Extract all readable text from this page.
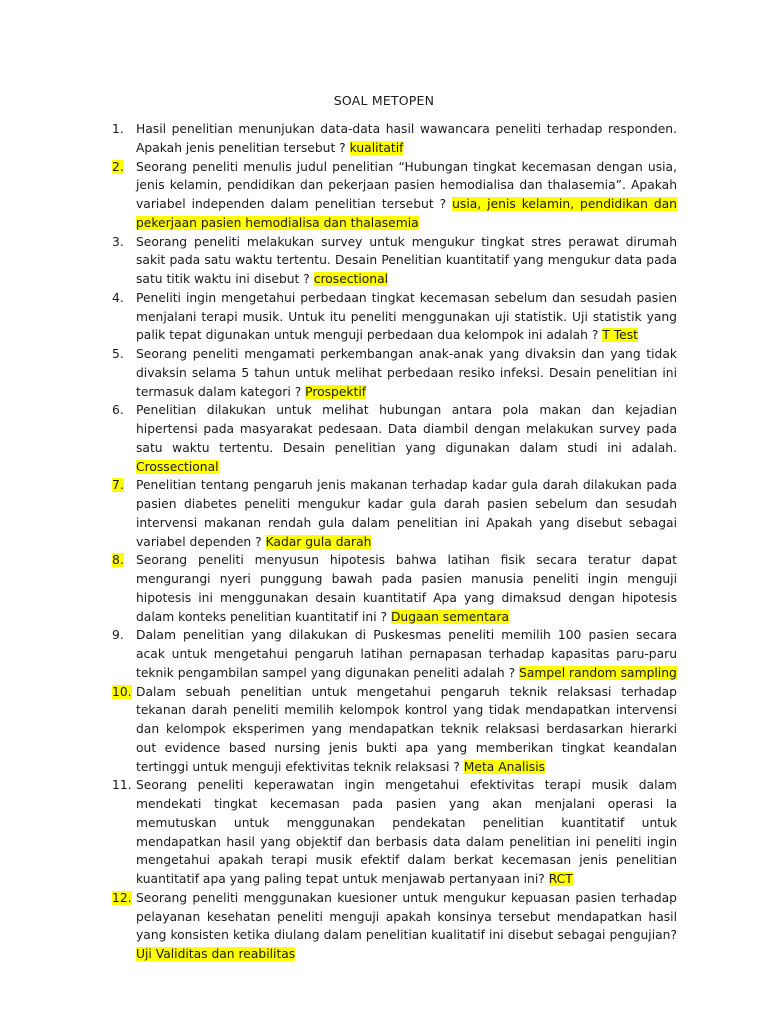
SOAL METOPEN
1. Hasil penelitian menunjukan data-data hasil wawancara peneliti terhadap responden. Apakah jenis penelitian tersebut ? kualitatif
2. Seorang peneliti menulis judul penelitian “Hubungan tingkat kecemasan dengan usia, jenis kelamin, pendidikan dan pekerjaan pasien hemodialisa dan thalasemia”. Apakah variabel independen dalam penelitian tersebut ? usia, jenis kelamin, pendidikan dan pekerjaan pasien hemodialisa dan thalasemia
3. Seorang peneliti melakukan survey untuk mengukur tingkat stres perawat dirumah sakit pada satu waktu tertentu. Desain Penelitian kuantitatif yang mengukur data pada satu titik waktu ini disebut ? crosectional
4. Peneliti ingin mengetahui perbedaan tingkat kecemasan sebelum dan sesudah pasien menjalani terapi musik. Untuk itu peneliti menggunakan uji statistik. Uji statistik yang palik tepat digunakan untuk menguji perbedaan dua kelompok ini adalah ? T Test
5. Seorang peneliti mengamati perkembangan anak-anak yang divaksin dan yang tidak divaksin selama 5 tahun untuk melihat perbedaan resiko infeksi. Desain penelitian ini termasuk dalam kategori ? Prospektif
6. Penelitian dilakukan untuk melihat hubungan antara pola makan dan kejadian hipertensi pada masyarakat pedesaan. Data diambil dengan melakukan survey pada satu waktu tertentu. Desain penelitian yang digunakan dalam studi ini adalah. Crossectional
7. Penelitian tentang pengaruh jenis makanan terhadap kadar gula darah dilakukan pada pasien diabetes peneliti mengukur kadar gula darah pasien sebelum dan sesudah intervensi makanan rendah gula dalam penelitian ini Apakah yang disebut sebagai variabel dependen ? Kadar gula darah
8. Seorang peneliti menyusun hipotesis bahwa latihan fisik secara teratur dapat mengurangi nyeri punggung bawah pada pasien manusia peneliti ingin menguji hipotesis ini menggunakan desain kuantitatif Apa yang dimaksud dengan hipotesis dalam konteks penelitian kuantitatif ini ? Dugaan sementara
9. Dalam penelitian yang dilakukan di Puskesmas peneliti memilih 100 pasien secara acak untuk mengetahui pengaruh latihan pernapasan terhadap kapasitas paru-paru teknik pengambilan sampel yang digunakan peneliti adalah ? Sampel random sampling
10. Dalam sebuah penelitian untuk mengetahui pengaruh teknik relaksasi terhadap tekanan darah peneliti memilih kelompok kontrol yang tidak mendapatkan intervensi dan kelompok eksperimen yang mendapatkan teknik relaksasi berdasarkan hierarki out evidence based nursing jenis bukti apa yang memberikan tingkat keandalan tertinggi untuk menguji efektivitas teknik relaksasi ? Meta Analisis
11. Seorang peneliti keperawatan ingin mengetahui efektivitas terapi musik dalam mendekati tingkat kecemasan pada pasien yang akan menjalani operasi Ia memutuskan untuk menggunakan pendekatan penelitian kuantitatif untuk mendapatkan hasil yang objektif dan berbasis data dalam penelitian ini peneliti ingin mengetahui apakah terapi musik efektif dalam berkat kecemasan jenis penelitian kuantitatif apa yang paling tepat untuk menjawab pertanyaan ini? RCT
12. Seorang peneliti menggunakan kuesioner untuk mengukur kepuasan pasien terhadap pelayanan kesehatan peneliti menguji apakah konsinya tersebut mendapatkan hasil yang konsisten ketika diulang dalam penelitian kualitatif ini disebut sebagai pengujian? Uji Validitas dan reabilitas
